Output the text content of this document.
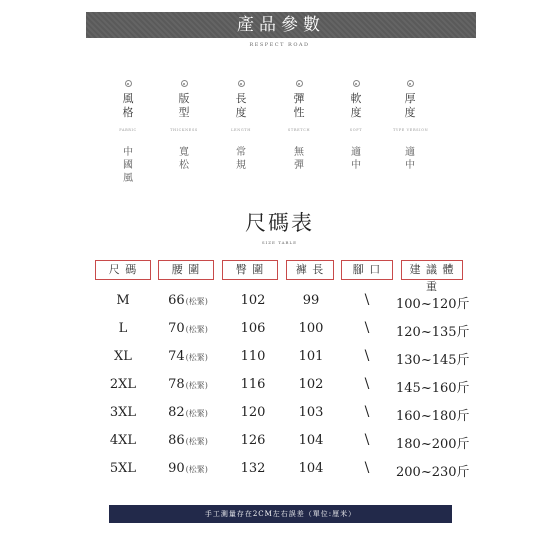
產品參數
RESPECT ROAD
風格
FABRIC
中國風
版型
THICKNESS
寬松
長度
LENGTH
常規
彈性
STRETCH
無彈
軟度
SOFT
適中
厚度
TYPE VERSION
適中
尺碼表
SIZE TABLE
尺 碼	腰 圍	臀 圍	褲 長	腳 口	建 議 體 重
M	66(松緊)	102	99	\	100~120斤
L	70(松緊)	106	100	\	120~135斤
XL	74(松緊)	110	101	\	130~145斤
2XL	78(松緊)	116	102	\	145~160斤
3XL	82(松緊)	120	103	\	160~180斤
4XL	86(松緊)	126	104	\	180~200斤
5XL	90(松緊)	132	104	\	200~230斤
手工測量存在2CM左右誤差（單位:厘米）
